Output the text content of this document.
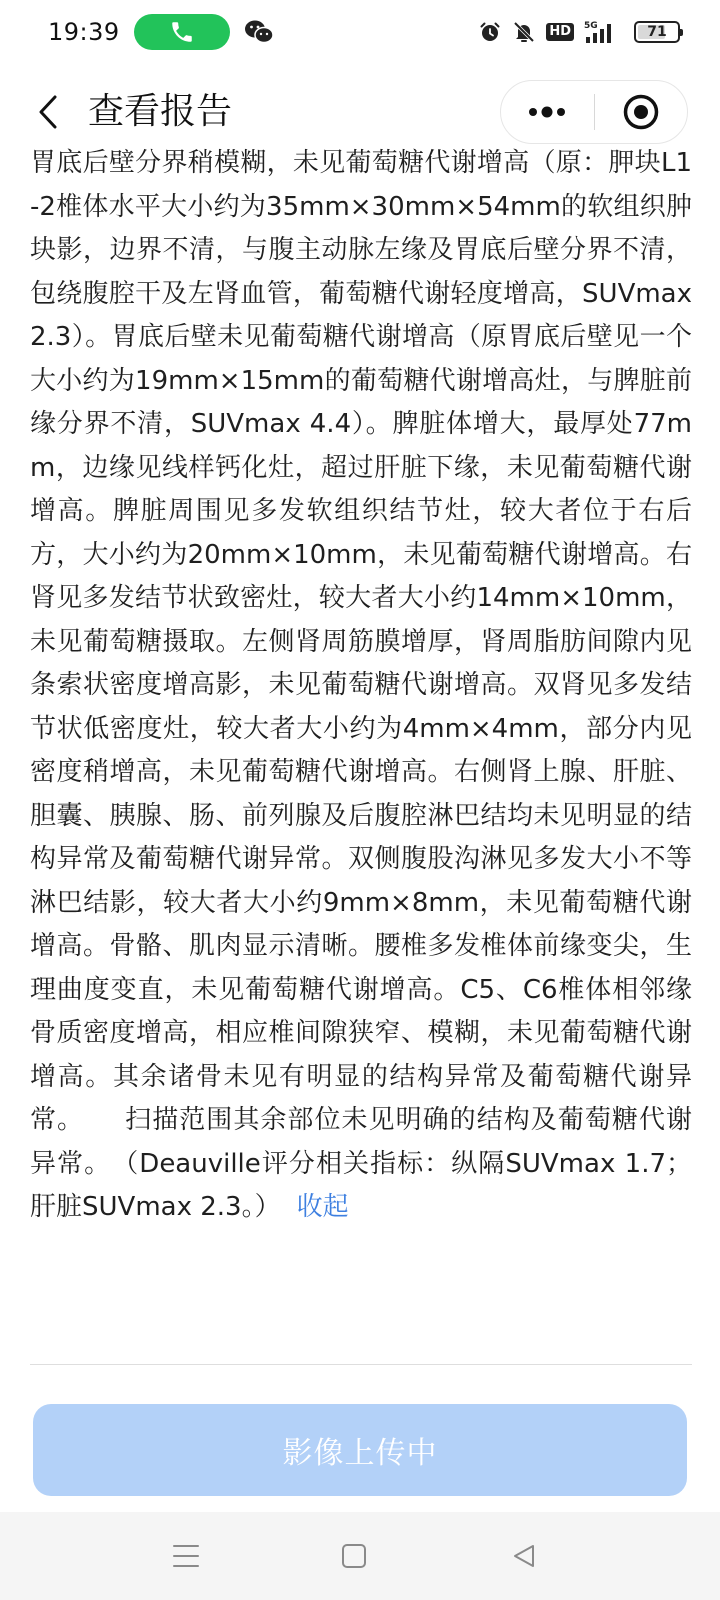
19:39	HD	5G	71
查看报告

胃底后壁分界稍模糊，未见葡萄糖代谢增高（原：胛块L1-2椎体水平大小约为35mm×30mm×54mm的软组织肿块影，边界不清，与腹主动脉左缘及胃底后壁分界不清，包绕腹腔干及左肾血管，葡萄糖代谢轻度增高，SUVmax 2.3）。胃底后壁未见葡萄糖代谢增高（原胃底后壁见一个大小约为19mm×15mm的葡萄糖代谢增高灶，与脾脏前缘分界不清，SUVmax 4.4）。脾脏体增大，最厚处77mm，边缘见线样钙化灶，超过肝脏下缘，未见葡萄糖代谢增高。脾脏周围见多发软组织结节灶，较大者位于右后方，大小约为20mm×10mm，未见葡萄糖代谢增高。右肾见多发结节状致密灶，较大者大小约14mm×10mm，未见葡萄糖摄取。左侧肾周筋膜增厚，肾周脂肪间隙内见条索状密度增高影，未见葡萄糖代谢增高。双肾见多发结节状低密度灶，较大者大小约为4mm×4mm，部分内见密度稍增高，未见葡萄糖代谢增高。右侧肾上腺、肝脏、胆囊、胰腺、肠、前列腺及后腹腔淋巴结均未见明显的结构异常及葡萄糖代谢异常。双侧腹股沟淋见多发大小不等淋巴结影，较大者大小约9mm×8mm，未见葡萄糖代谢增高。骨骼、肌肉显示清晰。腰椎多发椎体前缘变尖，生理曲度变直，未见葡萄糖代谢增高。C5、C6椎体相邻缘骨质密度增高，相应椎间隙狭窄、模糊，未见葡萄糖代谢增高。其余诸骨未见有明显的结构异常及葡萄糖代谢异常。　　扫描范围其余部位未见明确的结构及葡萄糖代谢异常。　（Deauville评分相关指标：纵隔SUVmax 1.7；肝脏SUVmax 2.3。） 收起

影像上传中
